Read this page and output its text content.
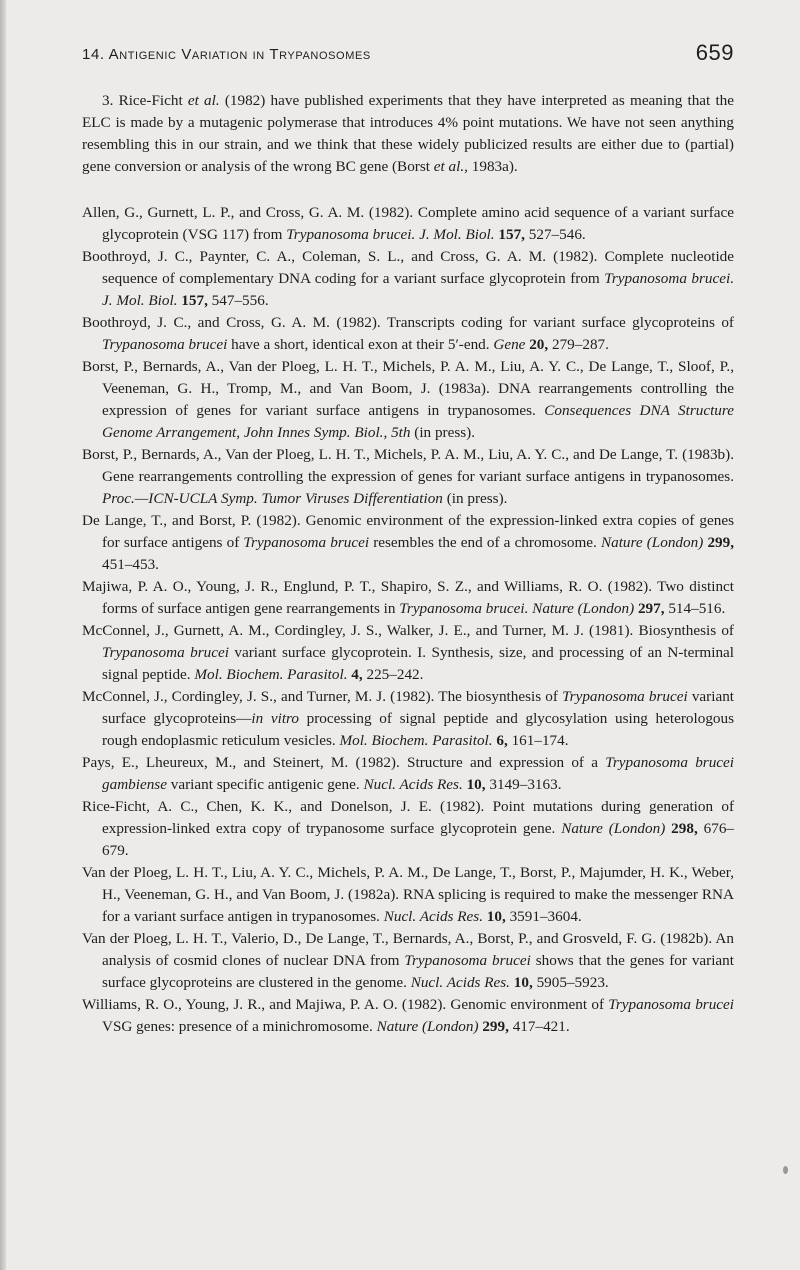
14. Antigenic Variation in Trypanosomes	659

3. Rice-Ficht et al. (1982) have published experiments that they have interpreted as meaning that the ELC is made by a mutagenic polymerase that introduces 4% point mutations. We have not seen anything resembling this in our strain, and we think that these widely publicized results are either due to (partial) gene conversion or analysis of the wrong BC gene (Borst et al., 1983a).

Allen, G., Gurnett, L. P., and Cross, G. A. M. (1982). Complete amino acid sequence of a variant surface glycoprotein (VSG 117) from Trypanosoma brucei. J. Mol. Biol. 157, 527–546.

Boothroyd, J. C., Paynter, C. A., Coleman, S. L., and Cross, G. A. M. (1982). Complete nucleotide sequence of complementary DNA coding for a variant surface glycoprotein from Trypanosoma brucei. J. Mol. Biol. 157, 547–556.

Boothroyd, J. C., and Cross, G. A. M. (1982). Transcripts coding for variant surface glycoproteins of Trypanosoma brucei have a short, identical exon at their 5′-end. Gene 20, 279–287.

Borst, P., Bernards, A., Van der Ploeg, L. H. T., Michels, P. A. M., Liu, A. Y. C., De Lange, T., Sloof, P., Veeneman, G. H., Tromp, M., and Van Boom, J. (1983a). DNA rearrangements controlling the expression of genes for variant surface antigens in trypanosomes. Consequences DNA Structure Genome Arrangement, John Innes Symp. Biol., 5th (in press).

Borst, P., Bernards, A., Van der Ploeg, L. H. T., Michels, P. A. M., Liu, A. Y. C., and De Lange, T. (1983b). Gene rearrangements controlling the expression of genes for variant surface antigens in trypanosomes. Proc.—ICN-UCLA Symp. Tumor Viruses Differentiation (in press).

De Lange, T., and Borst, P. (1982). Genomic environment of the expression-linked extra copies of genes for surface antigens of Trypanosoma brucei resembles the end of a chromosome. Nature (London) 299, 451–453.

Majiwa, P. A. O., Young, J. R., Englund, P. T., Shapiro, S. Z., and Williams, R. O. (1982). Two distinct forms of surface antigen gene rearrangements in Trypanosoma brucei. Nature (London) 297, 514–516.

McConnel, J., Gurnett, A. M., Cordingley, J. S., Walker, J. E., and Turner, M. J. (1981). Biosynthesis of Trypanosoma brucei variant surface glycoprotein. I. Synthesis, size, and processing of an N-terminal signal peptide. Mol. Biochem. Parasitol. 4, 225–242.

McConnel, J., Cordingley, J. S., and Turner, M. J. (1982). The biosynthesis of Trypanosoma brucei variant surface glycoproteins—in vitro processing of signal peptide and glycosylation using heterologous rough endoplasmic reticulum vesicles. Mol. Biochem. Parasitol. 6, 161–174.

Pays, E., Lheureux, M., and Steinert, M. (1982). Structure and expression of a Trypanosoma brucei gambiense variant specific antigenic gene. Nucl. Acids Res. 10, 3149–3163.

Rice-Ficht, A. C., Chen, K. K., and Donelson, J. E. (1982). Point mutations during generation of expression-linked extra copy of trypanosome surface glycoprotein gene. Nature (London) 298, 676–679.

Van der Ploeg, L. H. T., Liu, A. Y. C., Michels, P. A. M., De Lange, T., Borst, P., Majumder, H. K., Weber, H., Veeneman, G. H., and Van Boom, J. (1982a). RNA splicing is required to make the messenger RNA for a variant surface antigen in trypanosomes. Nucl. Acids Res. 10, 3591–3604.

Van der Ploeg, L. H. T., Valerio, D., De Lange, T., Bernards, A., Borst, P., and Grosveld, F. G. (1982b). An analysis of cosmid clones of nuclear DNA from Trypanosoma brucei shows that the genes for variant surface glycoproteins are clustered in the genome. Nucl. Acids Res. 10, 5905–5923.

Williams, R. O., Young, J. R., and Majiwa, P. A. O. (1982). Genomic environment of Trypanosoma brucei VSG genes: presence of a minichromosome. Nature (London) 299, 417–421.
